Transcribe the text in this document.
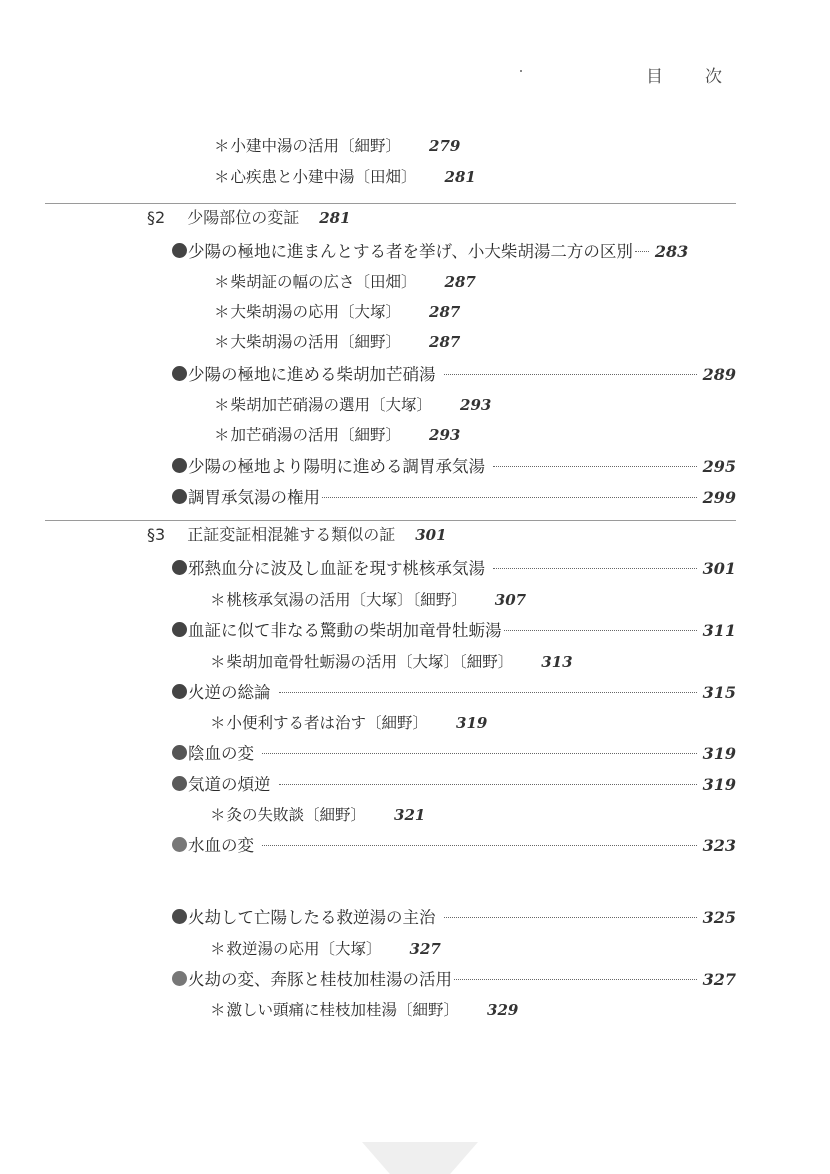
目 次
＊ 小建中湯の活用〔細野〕 279
＊ 心疾患と小建中湯〔田畑〕 281
§2 少陽部位の変証 281
少陽の極地に進まんとする者を挙げ、小大柴胡湯二方の区別 283
＊ 柴胡証の幅の広さ〔田畑〕 287
＊ 大柴胡湯の応用〔大塚〕 287
＊ 大柴胡湯の活用〔細野〕 287
少陽の極地に進める柴胡加芒硝湯	289
＊ 柴胡加芒硝湯の選用〔大塚〕 293
＊ 加芒硝湯の活用〔細野〕 293
少陽の極地より陽明に進める調胃承気湯	295
調胃承気湯の権用	299
§3 正証変証相混雑する類似の証 301
邪熱血分に波及し血証を現す桃核承気湯	301
＊ 桃核承気湯の活用〔大塚〕〔細野〕 307
血証に似て非なる驚動の柴胡加竜骨牡蛎湯	311
＊ 柴胡加竜骨牡蛎湯の活用〔大塚〕〔細野〕 313
火逆の総論	315
＊ 小便利する者は治す〔細野〕 319
陰血の変	319
気道の煩逆	319
＊ 灸の失敗談〔細野〕 321
水血の変	323
火劫して亡陽したる救逆湯の主治	325
＊ 救逆湯の応用〔大塚〕 327
火劫の変、奔豚と桂枝加桂湯の活用	327
＊ 激しい頭痛に桂枝加桂湯〔細野〕 329
